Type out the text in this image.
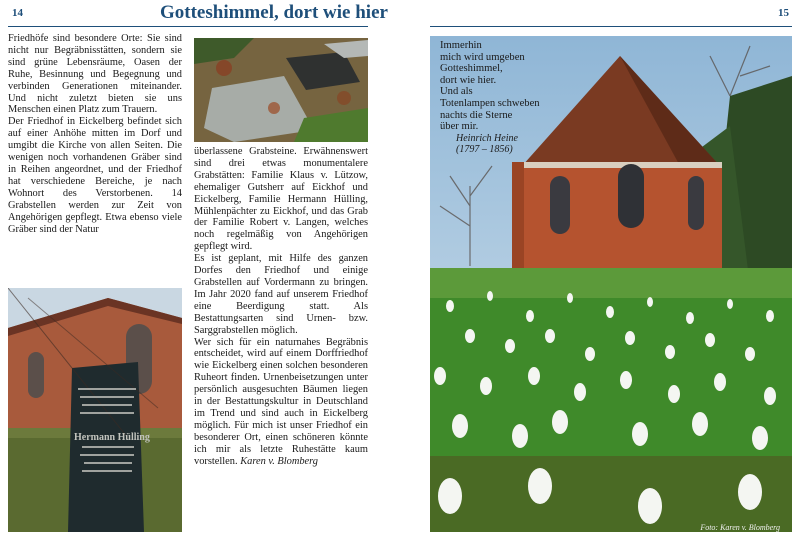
14	Gotteshimmel, dort wie hier

Friedhöfe sind besondere Orte: Sie sind nicht nur Begräbnisstätten, sondern sie sind grüne Lebensräume, Oasen der Ruhe, Besinnung und Begegnung und verbinden Generationen miteinander. Und nicht zuletzt bieten sie uns Menschen einen Platz zum Trauern.

Der Friedhof in Eickelberg befindet sich auf einer Anhöhe mitten im Dorf und umgibt die Kirche von allen Seiten. Die wenigen noch vorhandenen Gräber sind in Reihen angeordnet, und der Friedhof hat verschiedene Bereiche, je nach Wohnort des Verstorbenen. 14 Grabstellen werden zur Zeit von Angehörigen gepflegt. Etwa ebenso viele Gräber sind der Natur

überlassene Grabsteine. Erwähnenswert sind drei etwas monumentalere Grabstätten: Familie Klaus v. Lützow, ehemaliger Gutsherr auf Eickhof und Eickelberg, Familie Hermann Hülling, Mühlenpächter zu Eickhof, und das Grab der Familie Robert v. Langen, welches noch regelmäßig von Angehörigen gepflegt wird.

Es ist geplant, mit Hilfe des ganzen Dorfes den Friedhof und einige Grabstellen auf Vordermann zu bringen. Im Jahr 2020 fand auf unserem Friedhof eine Beerdigung statt. Als Bestattungsarten sind Urnen- bzw. Sarggrabstellen möglich.

Wer sich für ein naturnahes Begräbnis entscheidet, wird auf einem Dorffriedhof wie Eickelberg einen solchen besonderen Ruheort finden. Urnenbeisetzungen unter persönlich ausgesuchten Bäumen liegen in der Bestattungskultur in Deutschland im Trend und sind auch in Eickelberg möglich. Für mich ist unser Friedhof ein besonderer Ort, einen schöneren könnte ich mir als letzte Ruhestätte kaum vorstellen. Karen v. Blomberg

Hermann Hülling
15
Immerhin
mich wird umgeben
Gotteshimmel,
dort wie hier.
Und als
Totenlampen schweben
nachts die Sterne
über mir.
Heinrich Heine
(1797 – 1856)
Foto: Karen v. Blomberg
